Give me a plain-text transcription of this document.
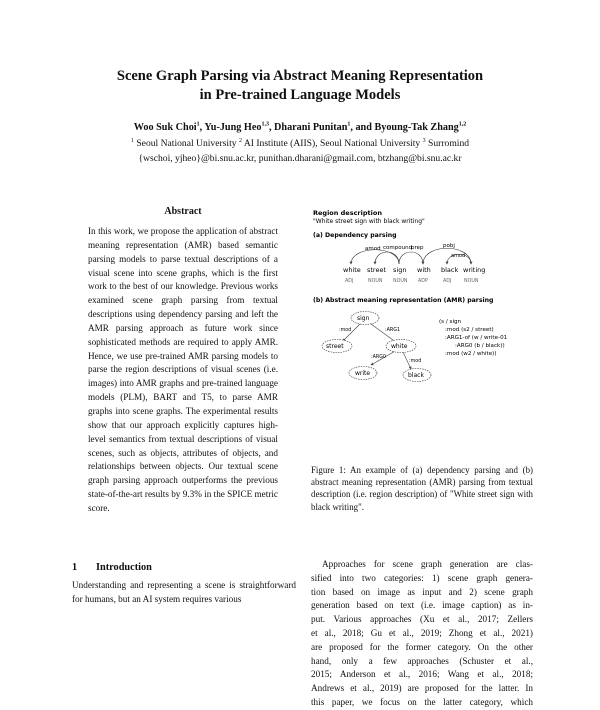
Scene Graph Parsing via Abstract Meaning Representation
in Pre-trained Language Models
Woo Suk Choi$^1$, Yu-Jung Heo$^{1,3}$, Dharani Punitan$^1$, and Byoung-Tak Zhang$^{1,2}$
$^1$ Seoul National University $^2$ AI Institute (AIIS), Seoul National University $^3$ Surromind
{wschoi, yjheo}@bi.snu.ac.kr, punithan.dharani@gmail.com, btzhang@bi.snu.ac.kr
Abstract
In this work, we propose the application of abstract meaning representation (AMR) based semantic parsing models to parse textual descriptions of a visual scene into scene graphs, which is the first work to the best of our knowledge. Previous works examined scene graph parsing from textual descriptions using dependency parsing and left the AMR parsing approach as future work since sophisticated methods are required to apply AMR. Hence, we use pre-trained AMR parsing models to parse the region descriptions of visual scenes (i.e. images) into AMR graphs and pre-trained language models (PLM), BART and T5, to parse AMR graphs into scene graphs. The experimental results show that our approach explicitly captures high-level semantics from textual descriptions of visual scenes, such as objects, attributes of objects, and relationships between objects. Our textual scene graph parsing approach outperforms the previous state-of-the-art results by 9.3% in the SPICE metric score.
1 Introduction
Understanding and representing a scene is straightforward for humans, but an AI system requires various
Region description
"White street sign with black writing"
(a) Dependency parsing
amod compound
prep	pobj
amod
white street sign with black writing
ADJ	NOUN NOUN ADP	ADJ	NOUN
(b) Abstract meaning representation (AMR) parsing
sign
street	white
write	black
:mod	:ARG1
:ARG0
:mod
(s / sign
:mod (s2 / street)
:ARG1-of (w / write-01
:ARG0 (b / black))
:mod (w2 / white))
Figure 1: An example of (a) dependency parsing and (b) abstract meaning representation (AMR) parsing from textual description (i.e. region description) of "White street sign with black writing".
Approaches for scene graph generation are clas-
sified into two categories: 1) scene graph genera-
tion based on image as input and 2) scene graph
generation based on text (i.e. image caption) as in-
put. Various approaches (Xu et al., 2017; Zellers
et al., 2018; Gu et al., 2019; Zhong et al., 2021)
are proposed for the former category. On the other
hand, only a few approaches (Schuster et al.,
2015; Anderson et al., 2016; Wang et al., 2018;
Andrews et al., 2019) are proposed for the latter. In
this paper, we focus on the latter category, which
